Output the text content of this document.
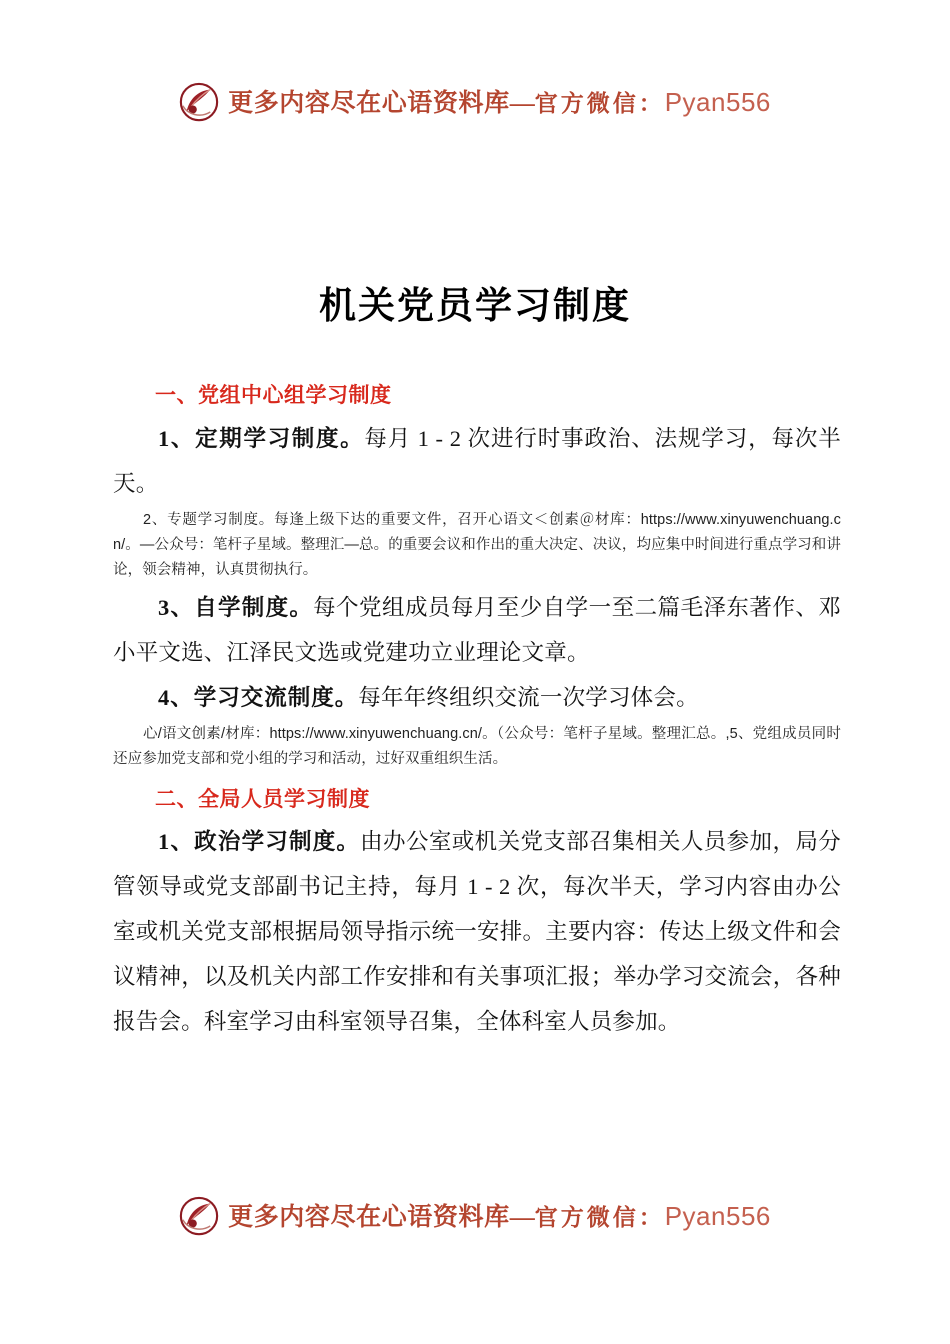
更多内容尽在心语资料库—官方微信：Pyan556
机关党员学习制度

一、党组中心组学习制度

1、定期学习制度。每月 1 - 2 次进行时事政治、法规学习，每次半天。

2、专题学习制度。每逢上级下达的重要文件，召开心语文＜创素＠材库：https://www.xinyuwenchuang.cn/。—公众号：笔杆子星域。整理汇—总。的重要会议和作出的重大决定、决议，均应集中时间进行重点学习和讲论，领会精神，认真贯彻执行。

3、自学制度。每个党组成员每月至少自学一至二篇毛泽东著作、邓小平文选、江泽民文选或党建功立业理论文章。

4、学习交流制度。每年年终组织交流一次学习体会。

心/语文创素/材库：https://www.xinyuwenchuang.cn/。（公众号：笔杆子星域。整理汇总。,5、党组成员同时还应参加党支部和党小组的学习和活动，过好双重组织生活。

二、全局人员学习制度

1、政治学习制度。由办公室或机关党支部召集相关人员参加，局分管领导或党支部副书记主持，每月 1 - 2 次，每次半天，学习内容由办公室或机关党支部根据局领导指示统一安排。主要内容：传达上级文件和会议精神，以及机关内部工作安排和有关事项汇报；举办学习交流会，各种报告会。科室学习由科室领导召集，全体科室人员参加。

更多内容尽在心语资料库—官方微信：Pyan556
